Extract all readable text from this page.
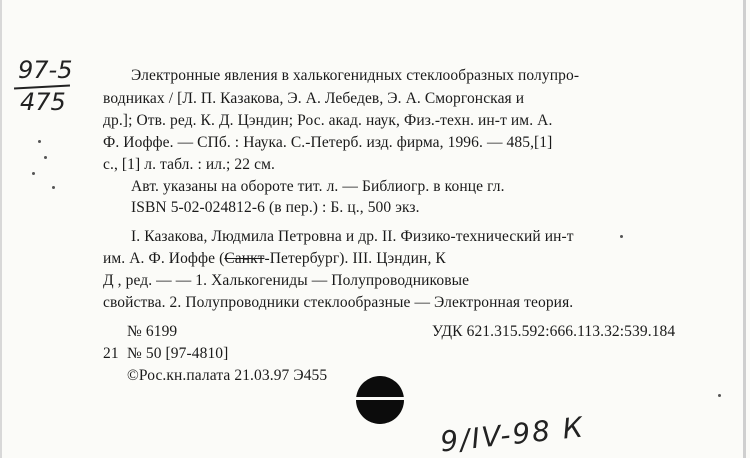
97-5
475
Электронные явления в халькогенидных стеклообразных полупро-
водниках / [Л. П. Казакова, Э. А. Лебедев, Э. А. Сморгонская и
др.]; Отв. ред. К. Д. Цэндин; Рос. акад. наук, Физ.-техн. ин-т им. А.
Ф. Иоффе. — СПб. : Наука. С.-Петерб. изд. фирма, 1996. — 485,[1]
с., [1] л. табл. : ил.; 22 см.
Авт. указаны на обороте тит. л. — Библиогр. в конце гл.
ISBN 5-02-024812-6 (в пер.) : Б. ц., 500 экз.
I. Казакова, Людмила Петровна и др. II. Физико-технический ин-т
им. А. Ф. Иоффе (Санкт-Петербург). III. Цэндин, К
Д , ред. — — 1. Халькогениды — Полупроводниковые
свойства. 2. Полупроводники стеклообразные — Электронная теория.
№ 6199	УДК 621.315.592:666.113.32:539.184
21 № 50 [97-4810]
©Рос.кн.палата 21.03.97 Э455
9/IV-98 К
